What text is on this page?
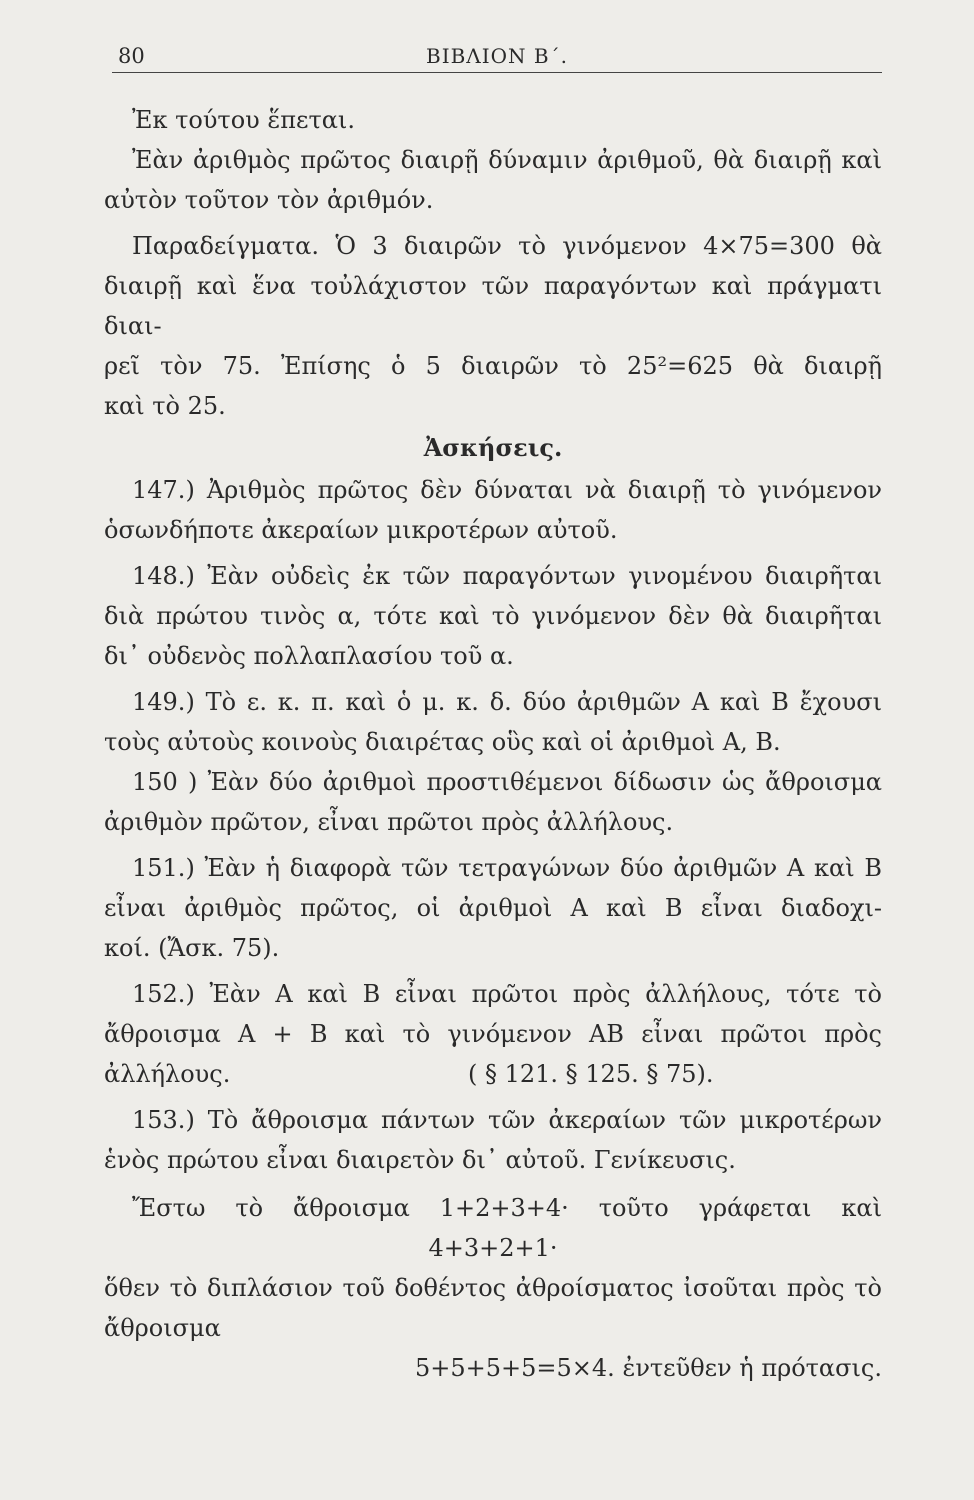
80	ΒΙΒΛΙΟΝ Β΄.

Ἐκ τούτου ἕπεται.

Ἐὰν ἀριθμὸς πρῶτος διαιρῇ δύναμιν ἀριθμοῦ, θὰ διαιρῇ καὶ

αὐτὸν τοῦτον τὸν ἀριθμόν.

Παραδείγματα. Ὁ 3 διαιρῶν τὸ γινόμενον 4×75=300 θὰ

διαιρῇ καὶ ἕνα τοὐλάχιστον τῶν παραγόντων καὶ πράγματι διαι-

ρεῖ τὸν 75. Ἐπίσης ὁ 5 διαιρῶν τὸ 25²=625 θὰ διαιρῇ

καὶ τὸ 25.

Ἀσκήσεις.

147.) Ἀριθμὸς πρῶτος δὲν δύναται νὰ διαιρῇ τὸ γινόμενον

ὁσωνδήποτε ἀκεραίων μικροτέρων αὐτοῦ.

148.) Ἐὰν οὐδεὶς ἐκ τῶν παραγόντων γινομένου διαιρῆται

διὰ πρώτου τινὸς α, τότε καὶ τὸ γινόμενον δὲν θὰ διαιρῆται

δι᾽ οὐδενὸς πολλαπλασίου τοῦ α.

149.) Τὸ ε. κ. π. καὶ ὁ μ. κ. δ. δύο ἀριθμῶν Α καὶ Β ἔχουσι

τοὺς αὐτοὺς κοινοὺς διαιρέτας οὓς καὶ οἱ ἀριθμοὶ Α, Β.

150 ) Ἐὰν δύο ἀριθμοὶ προστιθέμενοι δίδωσιν ὡς ἄθροισμα

ἀριθμὸν πρῶτον, εἶναι πρῶτοι πρὸς ἀλλήλους.

151.) Ἐὰν ἡ διαφορὰ τῶν τετραγώνων δύο ἀριθμῶν Α καὶ Β

εἶναι ἀριθμὸς πρῶτος, οἱ ἀριθμοὶ Α καὶ Β εἶναι διαδοχι-

κοί. (Ἄσκ. 75).

152.) Ἐὰν Α καὶ Β εἶναι πρῶτοι πρὸς ἀλλήλους, τότε τὸ

ἄθροισμα Α + Β καὶ τὸ γινόμενον ΑΒ εἶναι πρῶτοι πρὸς

ἀλλήλους.	( § 121. § 125. § 75).

153.) Τὸ ἄθροισμα πάντων τῶν ἀκεραίων τῶν μικροτέρων

ἑνὸς πρώτου εἶναι διαιρετὸν δι᾽ αὐτοῦ. Γενίκευσις.

Ἔστω τὸ ἄθροισμα 1+2+3+4· τοῦτο γράφεται καὶ

4+3+2+1·

ὅθεν τὸ διπλάσιον τοῦ δοθέντος ἀθροίσματος ἰσοῦται πρὸς τὸ

ἄθροισμα

5+5+5+5=5×4. ἐντεῦθεν ἡ πρότασις.
